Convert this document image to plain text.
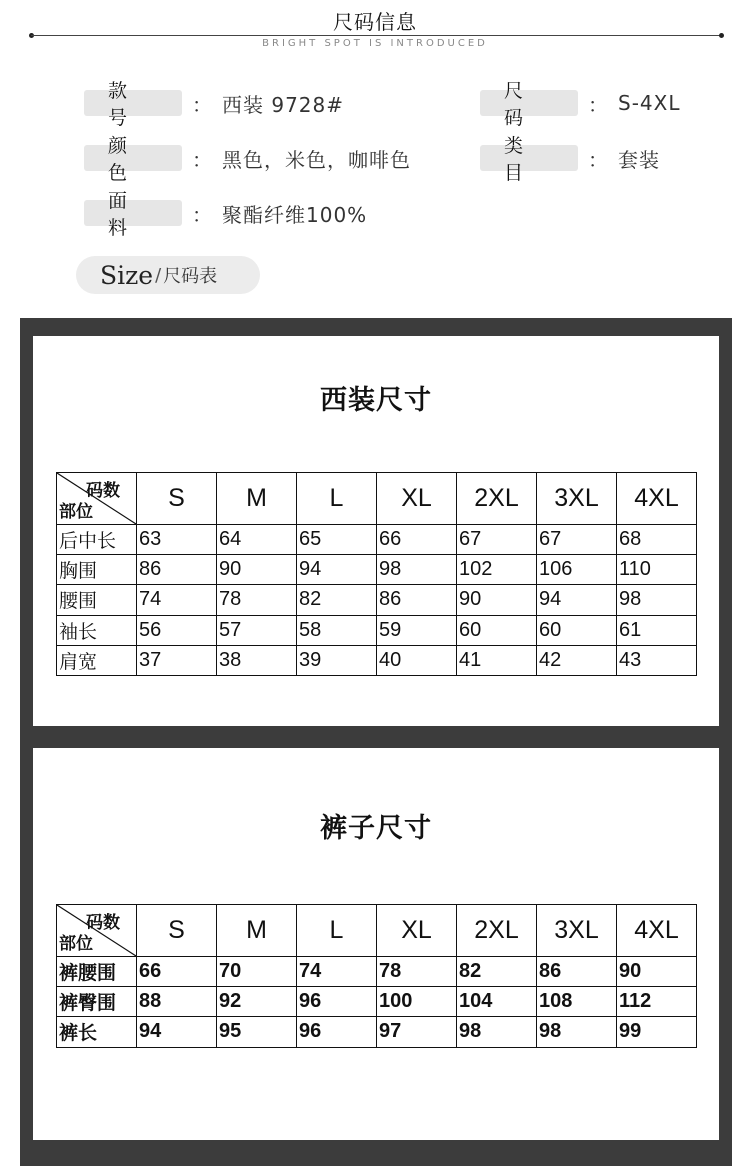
尺码信息
BRIGHT SPOT IS INTRODUCED
款号
： 西装 9728#
尺码
： S-4XL
颜色
： 黑色，米色，咖啡色
类目
： 套装
面料
： 聚酯纤维100%
Size / 尺码表
西装尺寸
码数
部位	S	M	L	XL	2XL	3XL	4XL
后中长	63	64	65	66	67	67	68
胸围	86	90	94	98	102	106	110
腰围	74	78	82	86	90	94	98
袖长	56	57	58	59	60	60	61
肩宽	37	38	39	40	41	42	43
裤子尺寸
码数
部位	S	M	L	XL	2XL	3XL	4XL
裤腰围	66	70	74	78	82	86	90
裤臀围	88	92	96	100	104	108	112
裤长	94	95	96	97	98	98	99
